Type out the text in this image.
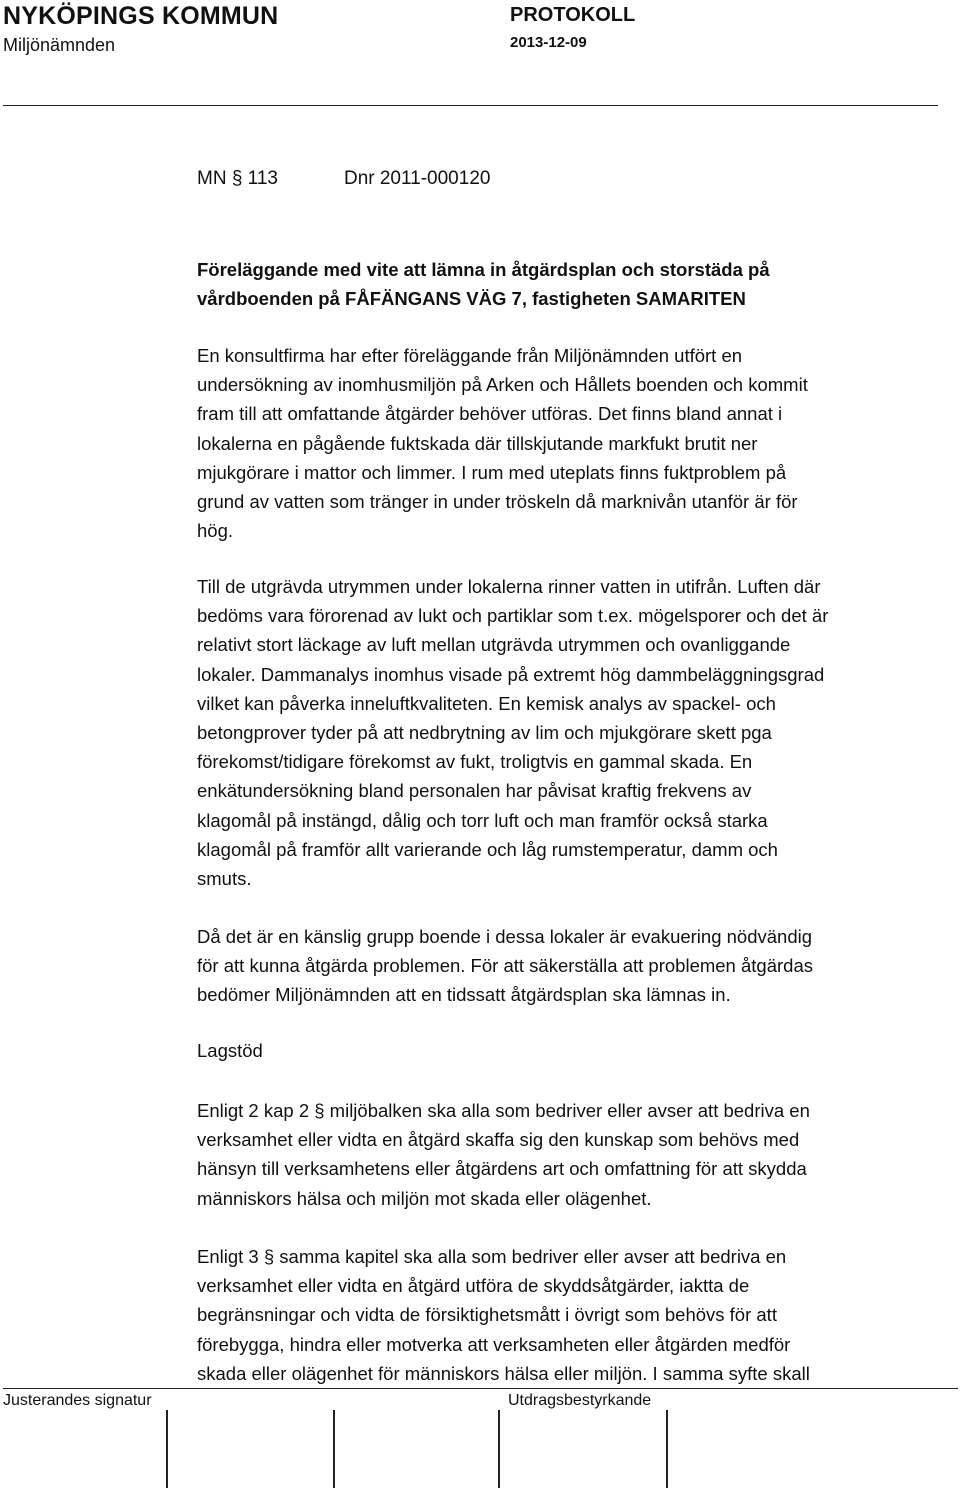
NYKÖPINGS KOMMUN	PROTOKOLL
2013-12-09
Miljönämnden
MN § 113	Dnr 2011-000120
Föreläggande med vite att lämna in åtgärdsplan och storstäda på
vårdboenden på FÅFÄNGANS VÄG 7, fastigheten SAMARITEN
En konsultfirma har efter föreläggande från Miljönämnden utfört en
undersökning av inomhusmiljön på Arken och Hållets boenden och kommit
fram till att omfattande åtgärder behöver utföras. Det finns bland annat i
lokalerna en pågående fuktskada där tillskjutande markfukt brutit ner
mjukgörare i mattor och limmer. I rum med uteplats finns fuktproblem på
grund av vatten som tränger in under tröskeln då marknivån utanför är för
hög.
Till de utgrävda utrymmen under lokalerna rinner vatten in utifrån. Luften där
bedöms vara förorenad av lukt och partiklar som t.ex. mögelsporer och det är
relativt stort läckage av luft mellan utgrävda utrymmen och ovanliggande
lokaler. Dammanalys inomhus visade på extremt hög dammbeläggningsgrad
vilket kan påverka inneluftkvaliteten. En kemisk analys av spackel- och
betongprover tyder på att nedbrytning av lim och mjukgörare skett pga
förekomst/tidigare förekomst av fukt, troligtvis en gammal skada. En
enkätundersökning bland personalen har påvisat kraftig frekvens av
klagomål på instängd, dålig och torr luft och man framför också starka
klagomål på framför allt varierande och låg rumstemperatur, damm och
smuts.
Då det är en känslig grupp boende i dessa lokaler är evakuering nödvändig
för att kunna åtgärda problemen. För att säkerställa att problemen åtgärdas
bedömer Miljönämnden att en tidssatt åtgärdsplan ska lämnas in.
Lagstöd
Enligt 2 kap 2 § miljöbalken ska alla som bedriver eller avser att bedriva en
verksamhet eller vidta en åtgärd skaffa sig den kunskap som behövs med
hänsyn till verksamhetens eller åtgärdens art och omfattning för att skydda
människors hälsa och miljön mot skada eller olägenhet.
Enligt 3 § samma kapitel ska alla som bedriver eller avser att bedriva en
verksamhet eller vidta en åtgärd utföra de skyddsåtgärder, iaktta de
begränsningar och vidta de försiktighetsmått i övrigt som behövs för att
förebygga, hindra eller motverka att verksamheten eller åtgärden medför
skada eller olägenhet för människors hälsa eller miljön. I samma syfte skall
Justerandes signatur	Utdragsbestyrkande
